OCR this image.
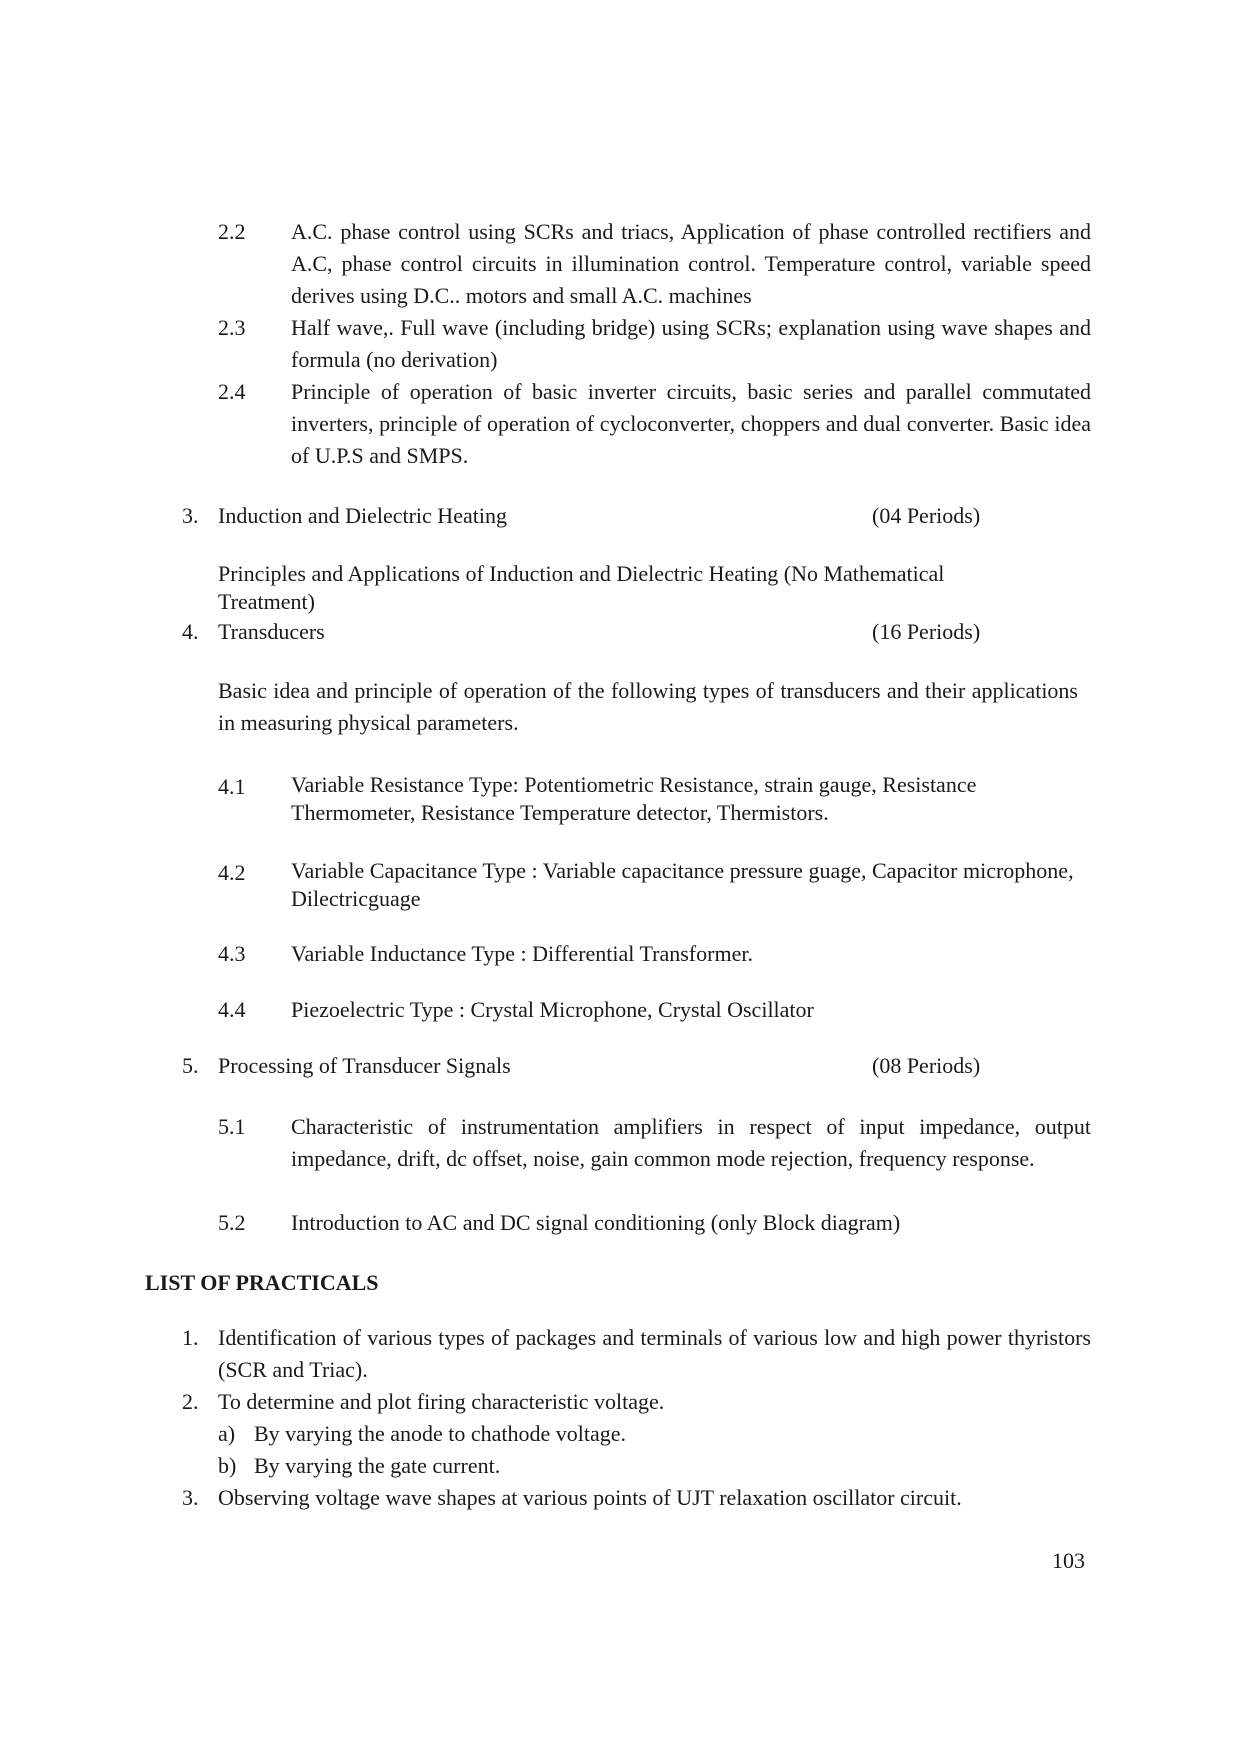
2.2 A.C. phase control using SCRs and triacs, Application of phase controlled rectifiers and A.C, phase control circuits in illumination control. Temperature control, variable speed derives using D.C.. motors and small A.C. machines
2.3 Half wave,. Full wave (including bridge) using SCRs; explanation using wave shapes and formula (no derivation)
2.4 Principle of operation of basic inverter circuits, basic series and parallel commutated inverters, principle of operation of cycloconverter, choppers and dual converter. Basic idea of U.P.S and SMPS.
3. Induction and Dielectric Heating	(04 Periods)
Principles and Applications of Induction and Dielectric Heating (No Mathematical Treatment)
4. Transducers	(16 Periods)
Basic idea and principle of operation of the following types of transducers and their applications in measuring physical parameters.
4.1 Variable Resistance Type: Potentiometric Resistance, strain gauge, Resistance Thermometer, Resistance Temperature detector, Thermistors.
4.2 Variable Capacitance Type : Variable capacitance pressure guage, Capacitor microphone, Dilectricguage
4.3 Variable Inductance Type : Differential Transformer.
4.4 Piezoelectric Type : Crystal Microphone, Crystal Oscillator
5. Processing of Transducer Signals	(08 Periods)
5.1 Characteristic of instrumentation amplifiers in respect of input impedance, output impedance, drift, dc offset, noise, gain common mode rejection, frequency response.
5.2 Introduction to AC and DC signal conditioning (only Block diagram)
LIST OF PRACTICALS
1. Identification of various types of packages and terminals of various low and high power thyristors (SCR and Triac).
2. To determine and plot firing characteristic voltage.
a) By varying the anode to chathode voltage.
b) By varying the gate current.
3. Observing voltage wave shapes at various points of UJT relaxation oscillator circuit.
103
